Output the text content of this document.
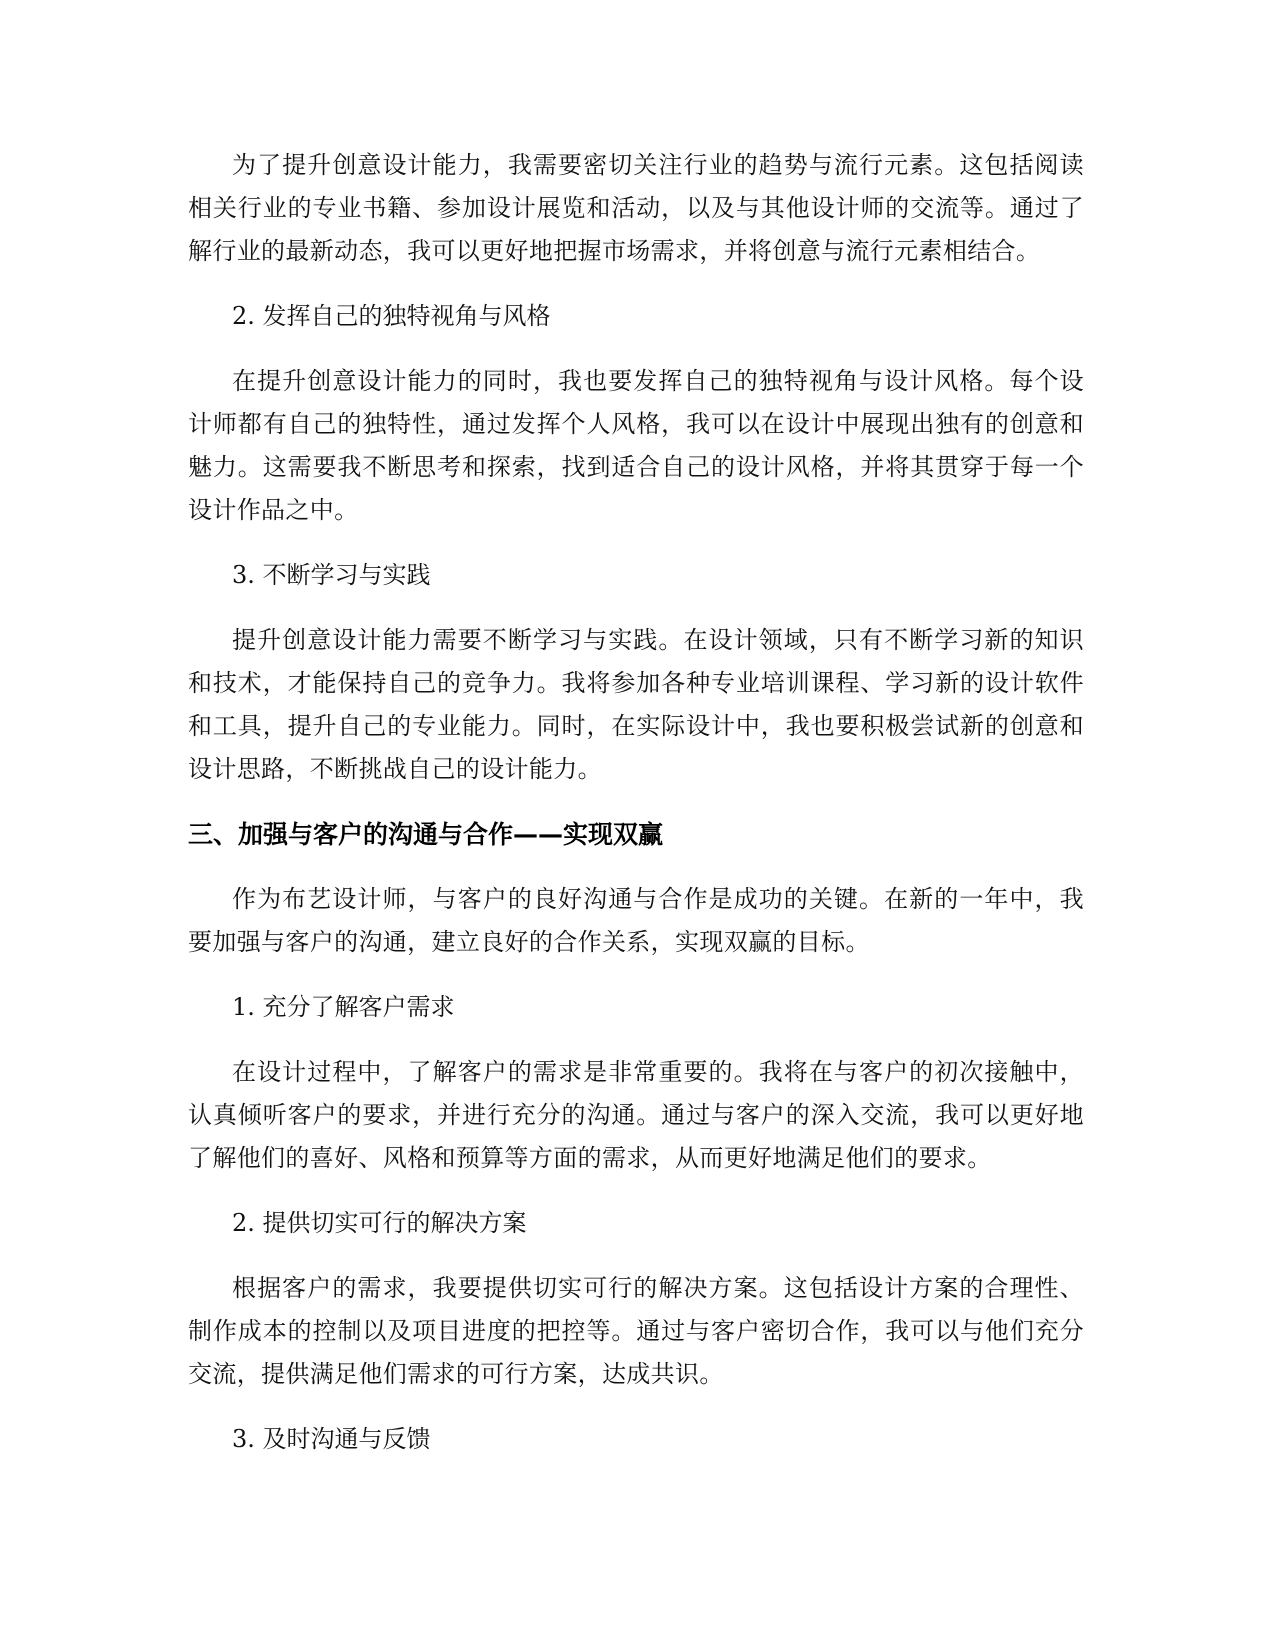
为了提升创意设计能力，我需要密切关注行业的趋势与流行元素。这包括阅读相关行业的专业书籍、参加设计展览和活动，以及与其他设计师的交流等。通过了解行业的最新动态，我可以更好地把握市场需求，并将创意与流行元素相结合。

2. 发挥自己的独特视角与风格

在提升创意设计能力的同时，我也要发挥自己的独特视角与设计风格。每个设计师都有自己的独特性，通过发挥个人风格，我可以在设计中展现出独有的创意和魅力。这需要我不断思考和探索，找到适合自己的设计风格，并将其贯穿于每一个设计作品之中。

3. 不断学习与实践

提升创意设计能力需要不断学习与实践。在设计领域，只有不断学习新的知识和技术，才能保持自己的竞争力。我将参加各种专业培训课程、学习新的设计软件和工具，提升自己的专业能力。同时，在实际设计中，我也要积极尝试新的创意和设计思路，不断挑战自己的设计能力。

三、加强与客户的沟通与合作——实现双赢

作为布艺设计师，与客户的良好沟通与合作是成功的关键。在新的一年中，我要加强与客户的沟通，建立良好的合作关系，实现双赢的目标。

1. 充分了解客户需求

在设计过程中，了解客户的需求是非常重要的。我将在与客户的初次接触中，认真倾听客户的要求，并进行充分的沟通。通过与客户的深入交流，我可以更好地了解他们的喜好、风格和预算等方面的需求，从而更好地满足他们的要求。

2. 提供切实可行的解决方案

根据客户的需求，我要提供切实可行的解决方案。这包括设计方案的合理性、制作成本的控制以及项目进度的把控等。通过与客户密切合作，我可以与他们充分交流，提供满足他们需求的可行方案，达成共识。

3. 及时沟通与反馈
